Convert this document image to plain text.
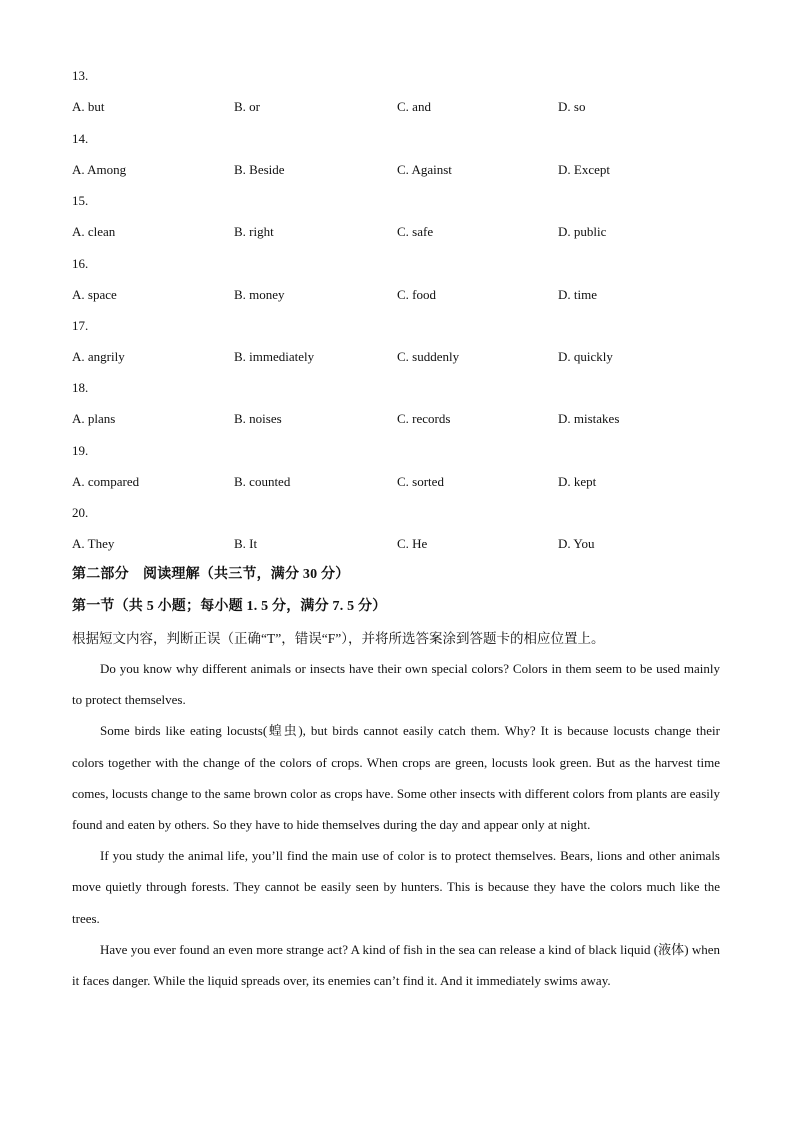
13.
A. but	B. or	C. and	D. so
14.
A. Among	B. Beside	C. Against	D. Except
15.
A. clean	B. right	C. safe	D. public
16.
A. space	B. money	C. food	D. time
17.
A. angrily	B. immediately	C. suddenly	D. quickly
18.
A. plans	B. noises	C. records	D. mistakes
19.
A. compared	B. counted	C. sorted	D. kept
20.
A. They	B. It	C. He	D. You
第二部分　阅读理解（共三节，满分 30 分）
第一节（共 5 小题；每小题 1. 5 分，满分 7. 5 分）
根据短文内容，判断正误（正确“T”，错误“F”），并将所选答案涂到答题卡的相应位置上。

Do you know why different animals or insects have their own special colors? Colors in them seem to be used mainly to protect themselves.

Some birds like eating locusts(蝗虫), but birds cannot easily catch them. Why? It is because locusts change their colors together with the change of the colors of crops. When crops are green, locusts look green. But as the harvest time comes, locusts change to the same brown color as crops have. Some other insects with different colors from plants are easily found and eaten by others. So they have to hide themselves during the day and appear only at night.

If you study the animal life, you’ll find the main use of color is to protect themselves. Bears, lions and other animals move quietly through forests. They cannot be easily seen by hunters. This is because they have the colors much like the trees.

Have you ever found an even more strange act? A kind of fish in the sea can release a kind of black liquid (液体) when it faces danger. While the liquid spreads over, its enemies can’t find it. And it immediately swims away.
